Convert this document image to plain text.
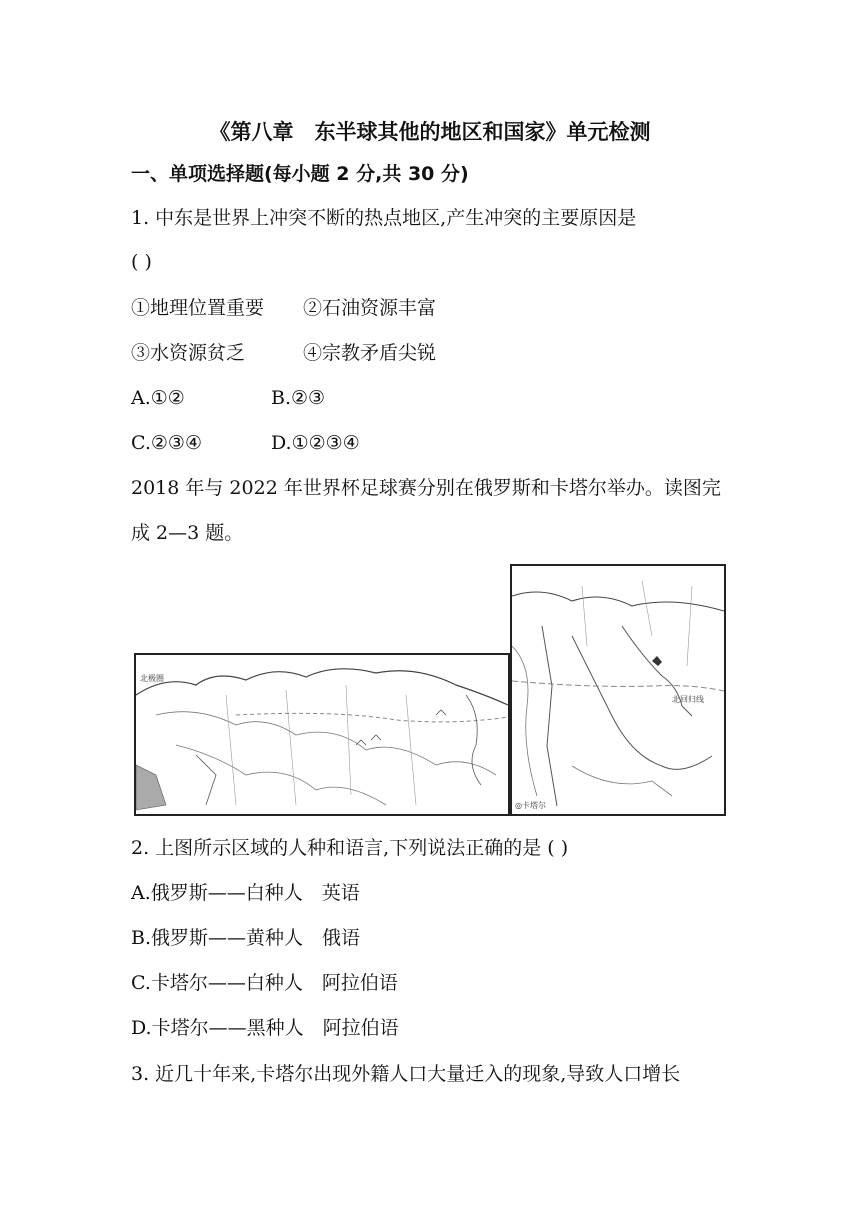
《第八章　东半球其他的地区和国家》单元检测
一、单项选择题(每小题 2 分,共 30 分)
1. 中东是世界上冲突不断的热点地区,产生冲突的主要原因是
( )
①地理位置重要 ②石油资源丰富
③水资源贫乏	④宗教矛盾尖锐
A.①②	B.②③
C.②③④	D.①②③④
2018 年与 2022 年世界杯足球赛分别在俄罗斯和卡塔尔举办。读图完
成 2—3 题。
北极圈
北回归线
◎卡塔尔
2. 上图所示区域的人种和语言,下列说法正确的是 ( )
A.俄罗斯——白种人　英语
B.俄罗斯——黄种人　俄语
C.卡塔尔——白种人　阿拉伯语
D.卡塔尔——黑种人　阿拉伯语
3. 近几十年来,卡塔尔出现外籍人口大量迁入的现象,导致人口增长
